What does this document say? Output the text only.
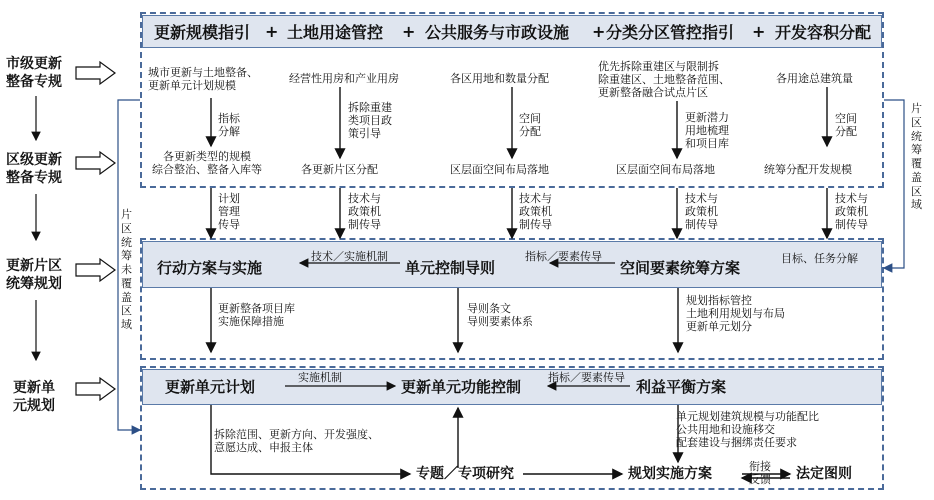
市级更新
整备专规
区级更新
整备专规
更新片区
统筹规划
更新单
元规划
更新规模指引 + 土地用途管控 + 公共服务与市政设施 + 分类分区管控指引 + 开发容积分配
城市更新与土地整备、
更新单元计划规模
指标
分解
各更新类型的规模
综合整治、整备入库等
经营性用房和产业用房
拆除重建
类项目政
策引导
各更新片区分配
各区用地和数量分配
空间
分配
区层面空间布局落地
优先拆除重建区与限制拆
除重建区、土地整备范围、
更新整备融合试点片区
更新潜力
用地梳理
和项目库
区层面空间布局落地
各用途总建筑量
空间
分配
统筹分配开发规模
片
区
统
筹
覆
盖
区
域
片
区
统
筹
未
覆
盖
区
域
计划
管理
传导
技术与
政策机
制传导
技术与
政策机
制传导
技术与
政策机
制传导
技术与
政策机
制传导
行动方案与实施
技术／实施机制
单元控制导则
指标／要素传导
空间要素统筹方案
目标、任务分解
更新整备项目库
实施保障措施
导则条文
导则要素体系
规划指标管控
土地利用规划与布局
更新单元划分
更新单元计划
实施机制
更新单元功能控制
指标／要素传导
利益平衡方案
拆除范围、更新方向、开发强度、
意愿达成、申报主体
单元规划建筑规模与功能配比
公共用地和设施移交
配套建设与捆绑责任要求
专题／专项研究	规划实施方案	衔接
反馈 法定图则
